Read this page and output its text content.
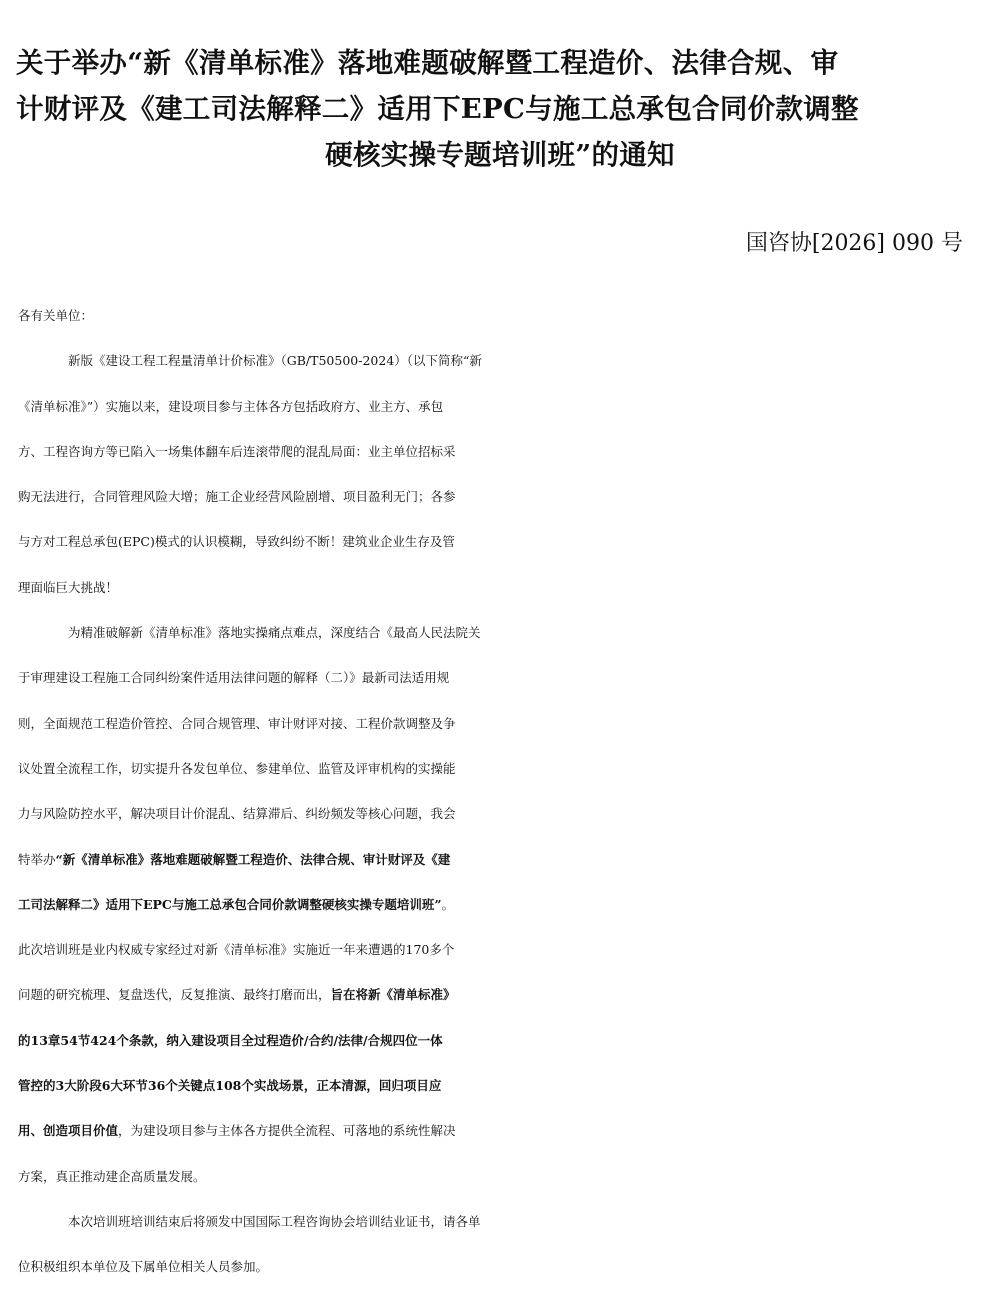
关于举办“新《清单标准》落地难题破解暨工程造价、法律合规、审
计财评及《建工司法解释二》适用下EPC与施工总承包合同价款调整
硬核实操专题培训班”的通知
国咨协[2026] 090 号
各有关单位：
新版《建设工程工程量清单计价标准》（GB/T50500-2024）（以下简称“新
《清单标准》”）实施以来，建设项目参与主体各方包括政府方、业主方、承包
方、工程咨询方等已陷入一场集体翻车后连滚带爬的混乱局面：业主单位招标采
购无法进行，合同管理风险大增；施工企业经营风险剧增、项目盈利无门；各参
与方对工程总承包(EPC)模式的认识模糊，导致纠纷不断！建筑业企业生存及管
理面临巨大挑战！
为精准破解新《清单标准》落地实操痛点难点，深度结合《最高人民法院关
于审理建设工程施工合同纠纷案件适用法律问题的解释（二）》最新司法适用规
则，全面规范工程造价管控、合同合规管理、审计财评对接、工程价款调整及争
议处置全流程工作，切实提升各发包单位、参建单位、监管及评审机构的实操能
力与风险防控水平，解决项目计价混乱、结算滞后、纠纷频发等核心问题，我会
特举办“新《清单标准》落地难题破解暨工程造价、法律合规、审计财评及《建
工司法解释二》适用下EPC与施工总承包合同价款调整硬核实操专题培训班”。
此次培训班是业内权威专家经过对新《清单标准》实施近一年来遭遇的170多个
问题的研究梳理、复盘迭代，反复推演、最终打磨而出，旨在将新《清单标准》
的13章54节424个条款，纳入建设项目全过程造价/合约/法律/合规四位一体
管控的3大阶段6大环节36个关键点108个实战场景，正本清源，回归项目应
用、创造项目价值，为建设项目参与主体各方提供全流程、可落地的系统性解决
方案，真正推动建企高质量发展。
本次培训班培训结束后将颁发中国国际工程咨询协会培训结业证书，请各单
位积极组织本单位及下属单位相关人员参加。
